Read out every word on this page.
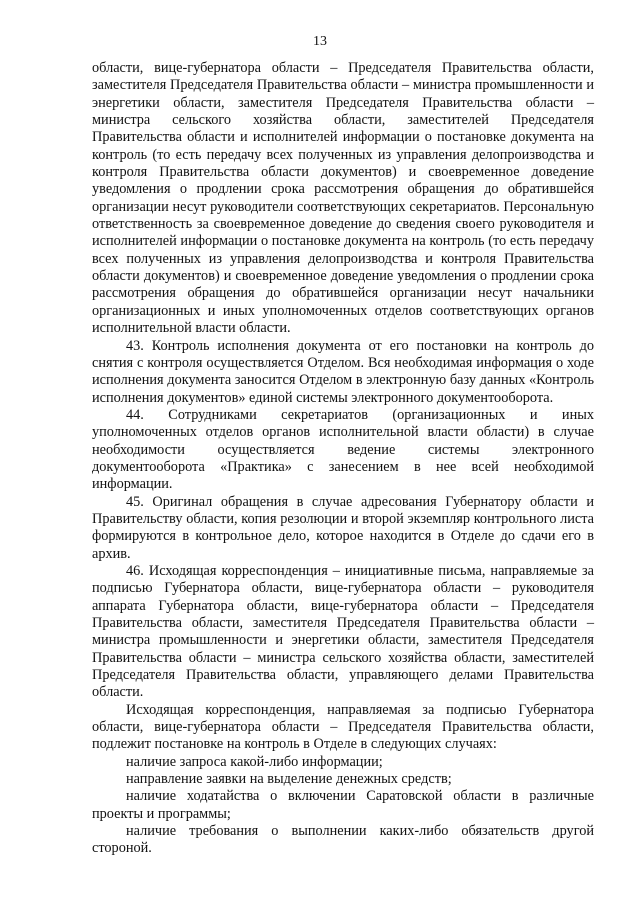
13

области, вице-губернатора области – Председателя Правительства области, заместителя Председателя Правительства области – министра промышленности и энергетики области, заместителя Председателя Правительства области – министра сельского хозяйства области, заместителей Председателя Правительства области и исполнителей информации о постановке документа на контроль (то есть передачу всех полученных из управления делопроизводства и контроля Правительства области документов) и своевременное доведение уведомления о продлении срока рассмотрения обращения до обратившейся организации несут руководители соответствующих секретариатов. Персональную ответственность за своевременное доведение до сведения своего руководителя и исполнителей информации о постановке документа на контроль (то есть передачу всех полученных из управления делопроизводства и контроля Правительства области документов) и своевременное доведение уведомления о продлении срока рассмотрения обращения до обратившейся организации несут начальники организационных и иных уполномоченных отделов соответствующих органов исполнительной власти области.

43. Контроль исполнения документа от его постановки на контроль до снятия с контроля осуществляется Отделом. Вся необходимая информация о ходе исполнения документа заносится Отделом в электронную базу данных «Контроль исполнения документов» единой системы электронного документооборота.

44. Сотрудниками секретариатов (организационных и иных уполномоченных отделов органов исполнительной власти области) в случае необходимости осуществляется ведение системы электронного документооборота «Практика» с занесением в нее всей необходимой информации.

45. Оригинал обращения в случае адресования Губернатору области и Правительству области, копия резолюции и второй экземпляр контрольного листа формируются в контрольное дело, которое находится в Отделе до сдачи его в архив.

46. Исходящая корреспонденция – инициативные письма, направляемые за подписью Губернатора области, вице-губернатора области – руководителя аппарата Губернатора области, вице-губернатора области – Председателя Правительства области, заместителя Председателя Правительства области – министра промышленности и энергетики области, заместителя Председателя Правительства области – министра сельского хозяйства области, заместителей Председателя Правительства области, управляющего делами Правительства области.

Исходящая корреспонденция, направляемая за подписью Губернатора области, вице-губернатора области – Председателя Правительства области, подлежит постановке на контроль в Отделе в следующих случаях:

наличие запроса какой-либо информации;

направление заявки на выделение денежных средств;

наличие ходатайства о включении Саратовской области в различные проекты и программы;

наличие требования о выполнении каких-либо обязательств другой стороной.
